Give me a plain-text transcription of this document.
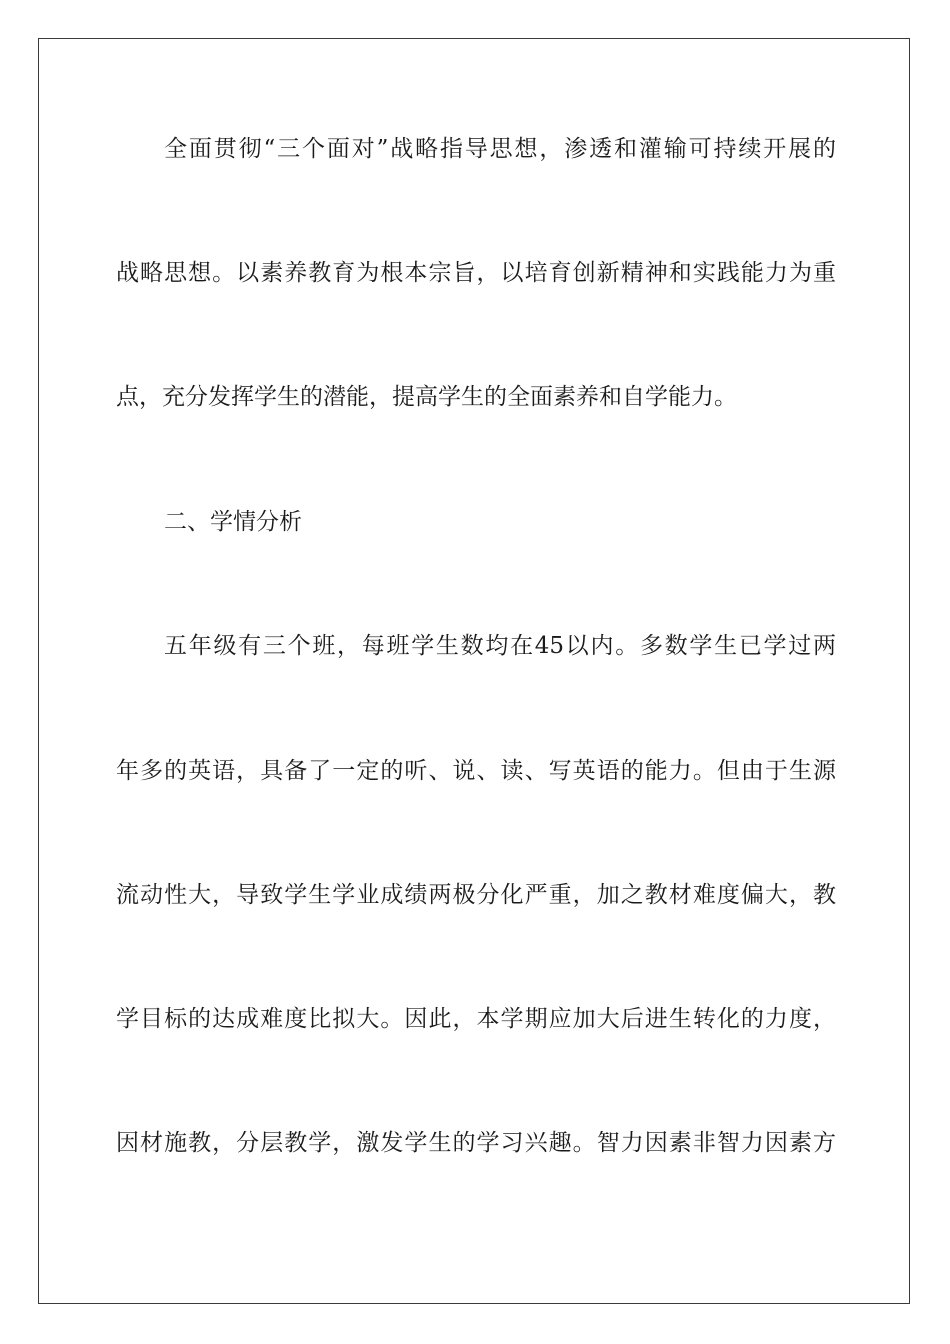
全面贯彻“三个面对”战略指导思想，渗透和灌输可持续开展的
战略思想。以素养教育为根本宗旨，以培育创新精神和实践能力为重
点，充分发挥学生的潜能，提高学生的全面素养和自学能力。
二、学情分析
五年级有三个班，每班学生数均在45以内。多数学生已学过两
年多的英语，具备了一定的听、说、读、写英语的能力。但由于生源
流动性大，导致学生学业成绩两极分化严重，加之教材难度偏大，教
学目标的达成难度比拟大。因此，本学期应加大后进生转化的力度，
因材施教，分层教学，激发学生的学习兴趣。智力因素非智力因素方
